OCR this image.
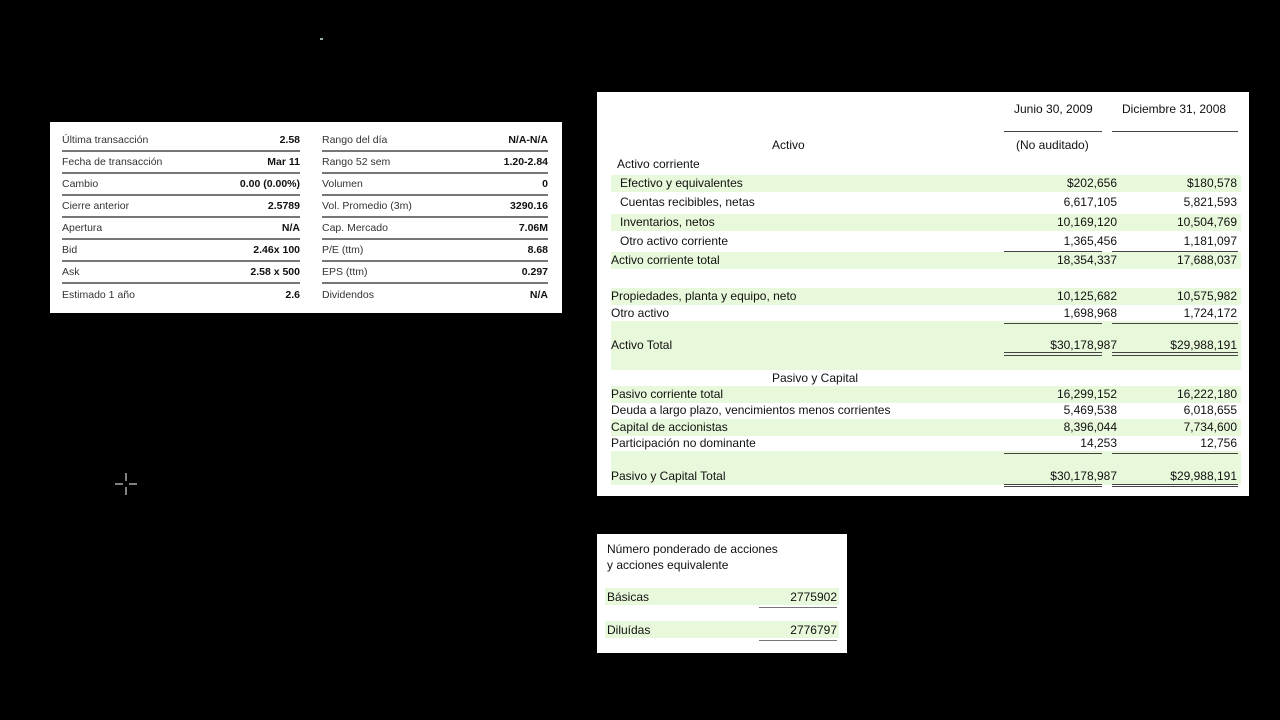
Última transacción	2.58
Fecha de transacción	Mar 11
Cambio	0.00 (0.00%)
Cierre anterior	2.5789
Apertura	N/A
Bid	2.46x 100
Ask	2.58 x 500
Estimado 1 año	2.6
Rango del día	N/A-N/A
Rango 52 sem	1.20-2.84
Volumen	0
Vol. Promedio (3m)	3290.16
Cap. Mercado	7.06M
P/E (ttm)	8.68
EPS (ttm)	0.297
Dividendos	N/A
Junio 30, 2009 Diciembre 31, 2008
Activo	(No auditado)
Activo corriente
Pasivo y Capital
Efectivo y equivalentes	$202,656	$180,578
Cuentas recibibles, netas	6,617,105	5,821,593
Inventarios, netos	10,169,120	10,504,769
Otro activo corriente	1,365,456	1,181,097
Activo corriente total	18,354,337	17,688,037
Propiedades, planta y equipo, neto	10,125,682	10,575,982
Otro activo	1,698,968	1,724,172
Activo Total	$30,178,987	$29,988,191
Pasivo corriente total	16,299,152	16,222,180
Deuda a largo plazo, vencimientos menos corrientes	5,469,538	6,018,655
Capital de accionistas	8,396,044	7,734,600
Participación no dominante	14,253	12,756
Pasivo y Capital Total	$30,178,987	$29,988,191
Número ponderado de acciones
y acciones equivalente
Básicas	2775902
Diluídas	2776797
